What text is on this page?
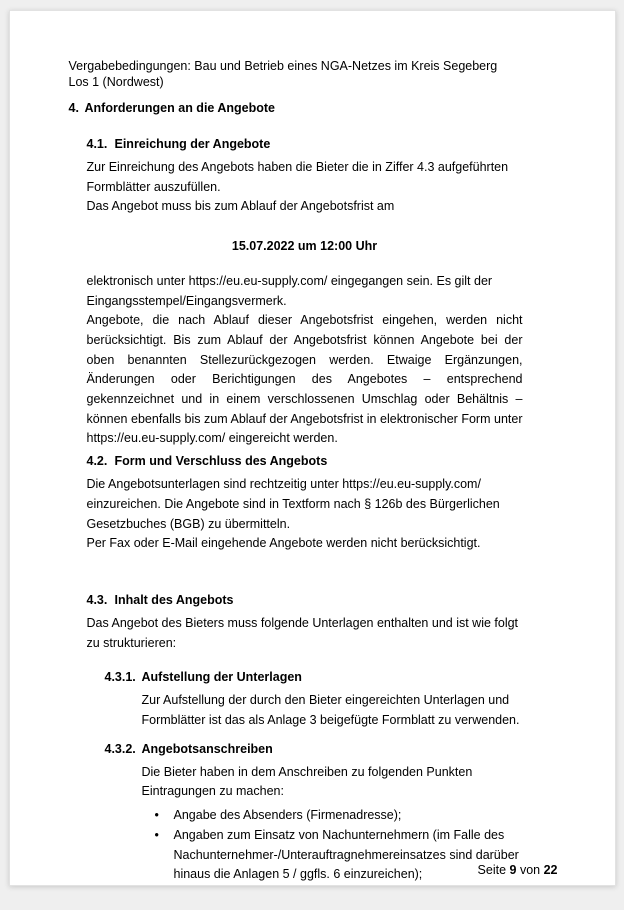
Vergabebedingungen: Bau und Betrieb eines NGA-Netzes im Kreis Segeberg
Los 1 (Nordwest)
4. Anforderungen an die Angebote
4.1. Einreichung der Angebote

Zur Einreichung des Angebots haben die Bieter die in Ziffer 4.3 aufgeführten Formblätter auszufüllen.

Das Angebot muss bis zum Ablauf der Angebotsfrist am

15.07.2022 um 12:00 Uhr

elektronisch unter https://eu.eu-supply.com/ eingegangen sein. Es gilt der Eingangsstempel/Eingangsvermerk.

Angebote, die nach Ablauf dieser Angebotsfrist eingehen, werden nicht berücksichtigt. Bis zum Ablauf der Angebotsfrist können Angebote bei der oben benannten Stellezurückgezogen werden. Etwaige Ergänzungen, Änderungen oder Berichtigungen des Angebotes – entsprechend gekennzeichnet und in einem verschlossenen Umschlag oder Behältnis – können ebenfalls bis zum Ablauf der Angebotsfrist in elektronischer Form unter https://eu.eu-supply.com/ eingereicht werden.

4.2. Form und Verschluss des Angebots

Die Angebotsunterlagen sind rechtzeitig unter https://eu.eu-supply.com/ einzureichen. Die Angebote sind in Textform nach § 126b des Bürgerlichen Gesetzbuches (BGB) zu übermitteln.

Per Fax oder E-Mail eingehende Angebote werden nicht berücksichtigt.

4.3. Inhalt des Angebots

Das Angebot des Bieters muss folgende Unterlagen enthalten und ist wie folgt zu strukturieren:

4.3.1. Aufstellung der Unterlagen

Zur Aufstellung der durch den Bieter eingereichten Unterlagen und Formblätter ist das als Anlage 3 beigefügte Formblatt zu verwenden.

4.3.2. Angebotsanschreiben

Die Bieter haben in dem Anschreiben zu folgenden Punkten Eintragungen zu machen:

•	Angabe des Absenders (Firmenadresse);
•	Angaben zum Einsatz von Nachunternehmern (im Falle des Nachunternehmer-/Unterauftragnehmereinsatzes sind darüber hinaus die Anlagen 5 / ggfls. 6 einzureichen);	Seite 9 von 22
